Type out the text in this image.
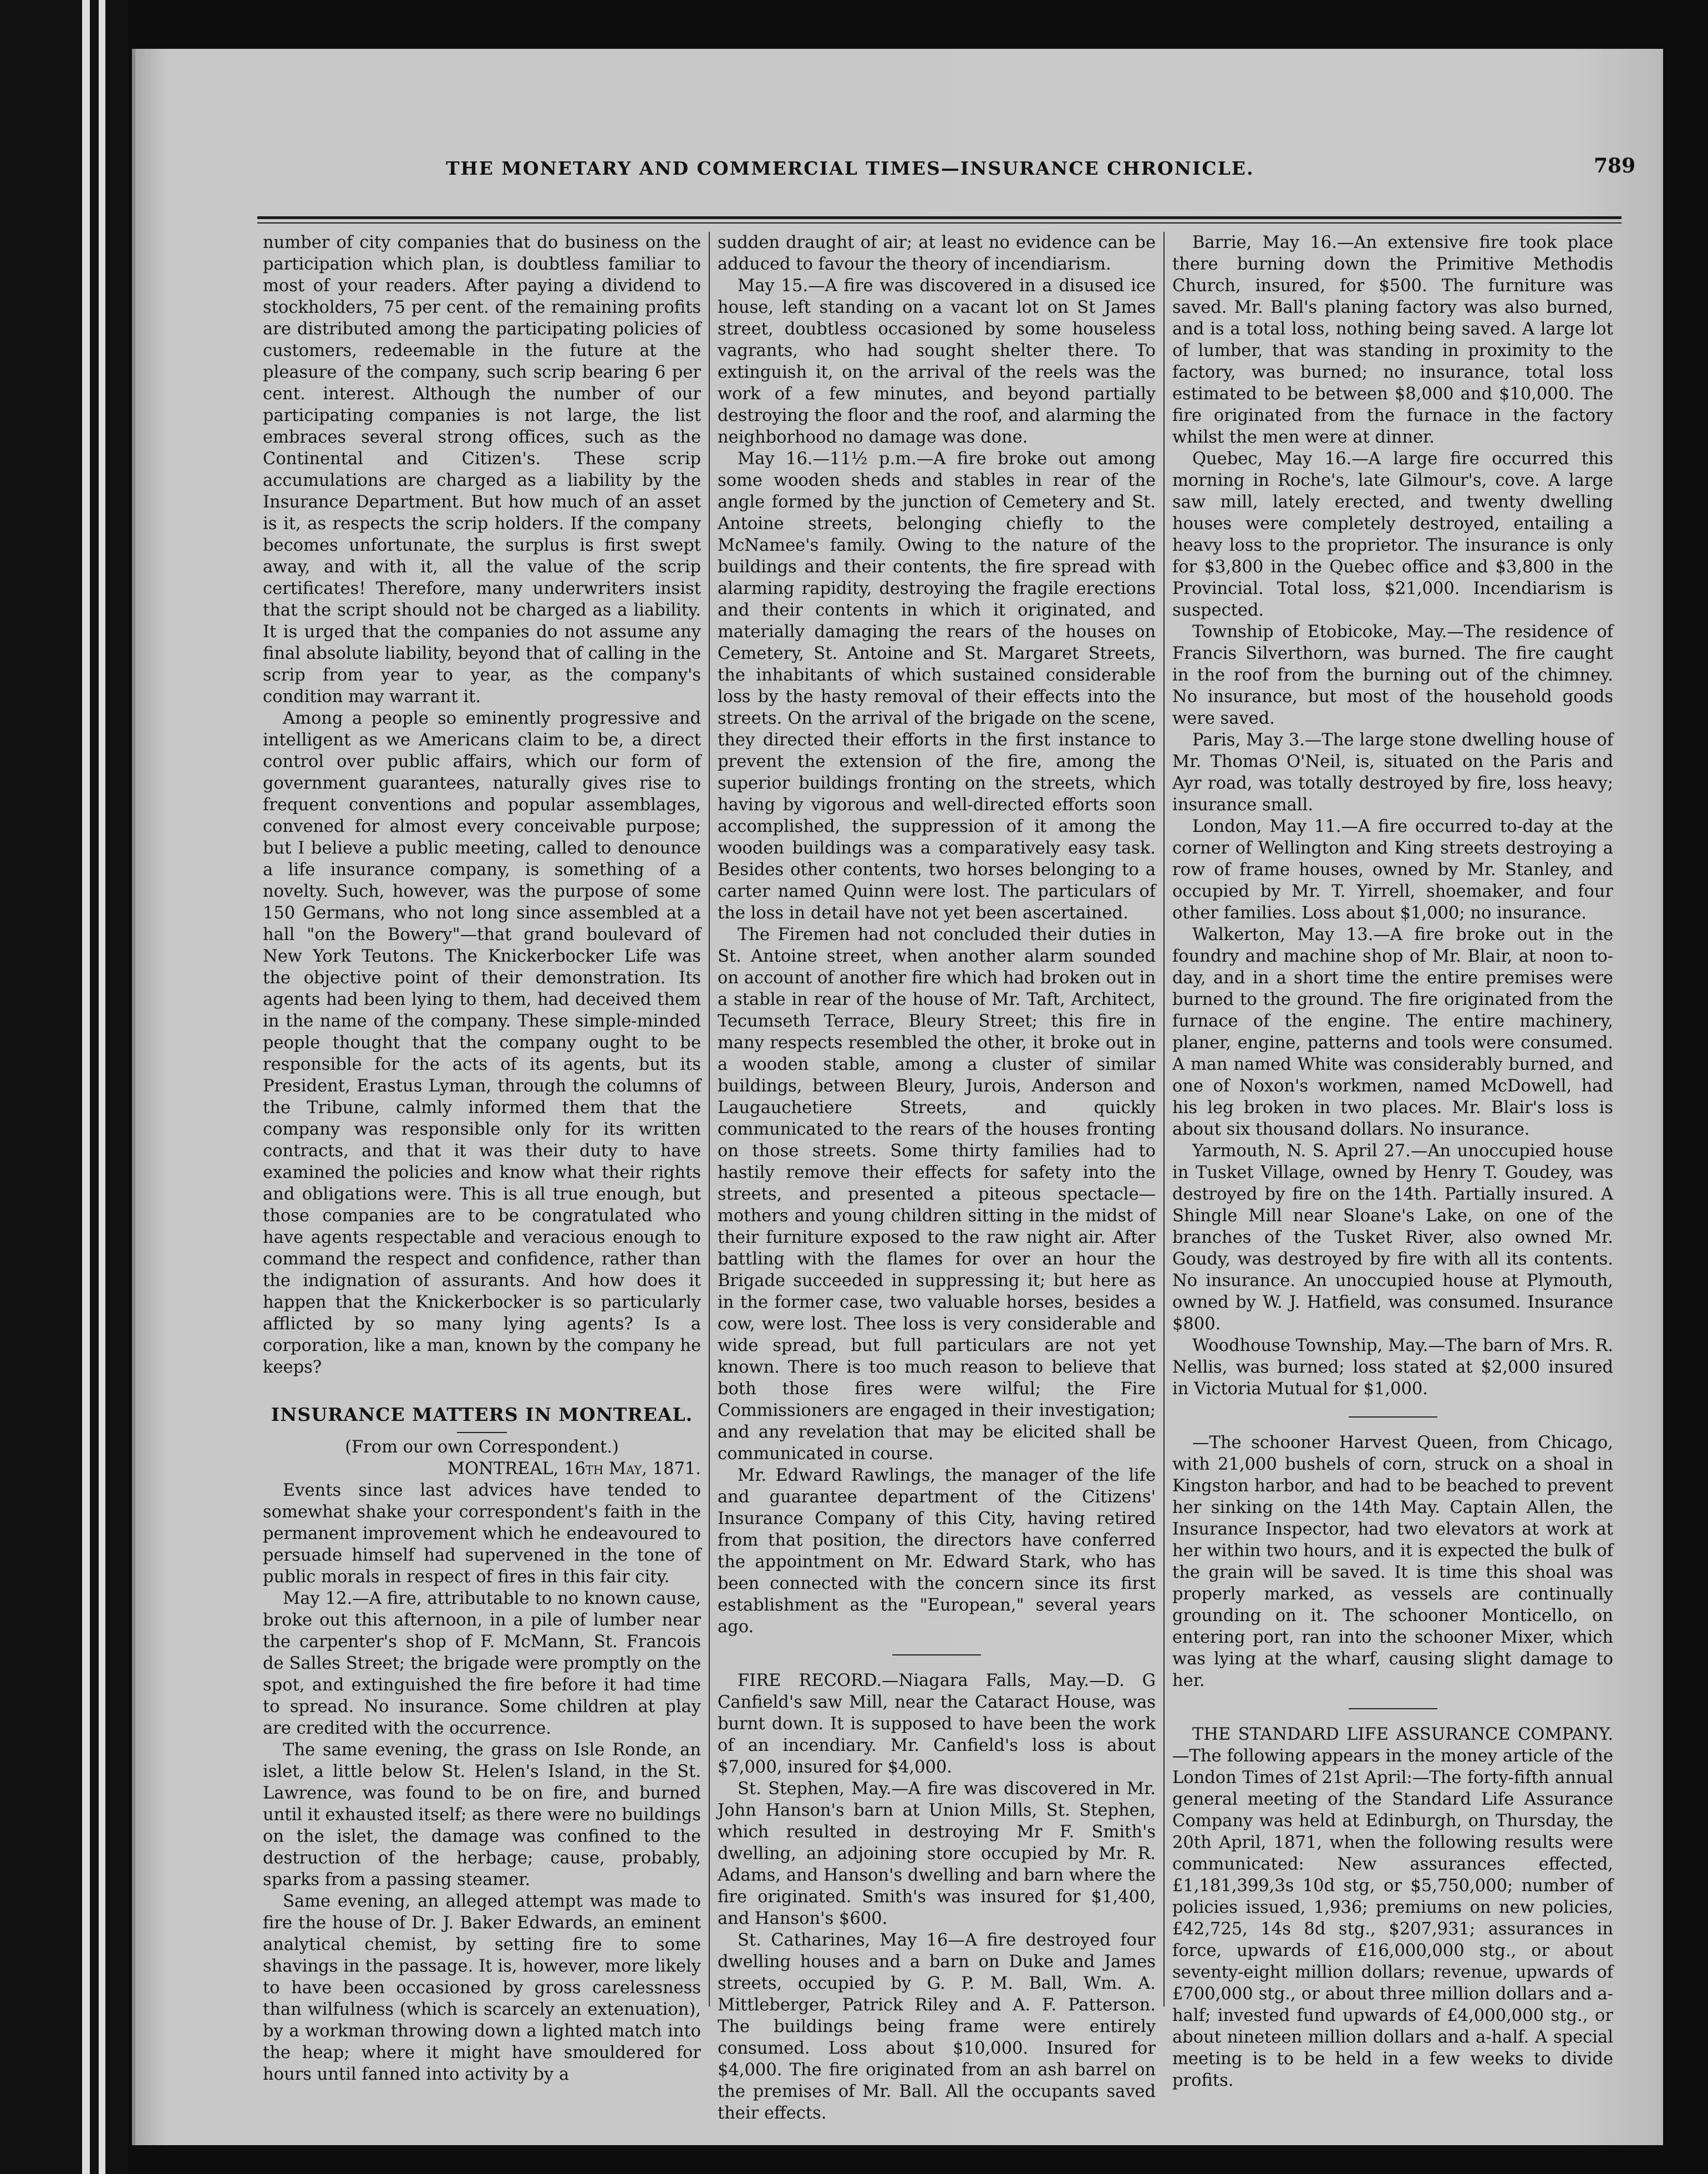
THE MONETARY AND COMMERCIAL TIMES—INSURANCE CHRONICLE.	789

number of city companies that do business on the participation which plan, is doubtless familiar to most of your readers. After paying a dividend to stockholders, 75 per cent. of the remaining profits are distributed among the participating policies of customers, redeemable in the future at the pleasure of the company, such scrip bearing 6 per cent. interest. Although the number of our participating companies is not large, the list embraces several strong offices, such as the Continental and Citizen's. These scrip accumulations are charged as a liability by the Insurance Department. But how much of an asset is it, as respects the scrip holders. If the company becomes unfortunate, the surplus is first swept away, and with it, all the value of the scrip certificates! Therefore, many underwriters insist that the script should not be charged as a liability. It is urged that the companies do not assume any final absolute liability, beyond that of calling in the scrip from year to year, as the company's condition may warrant it.

Among a people so eminently progressive and intelligent as we Americans claim to be, a direct control over public affairs, which our form of government guarantees, naturally gives rise to frequent conventions and popular assemblages, convened for almost every conceivable purpose; but I believe a public meeting, called to denounce a life insurance company, is something of a novelty. Such, however, was the purpose of some 150 Germans, who not long since assembled at a hall "on the Bowery"—that grand boulevard of New York Teutons. The Knickerbocker Life was the objective point of their demonstration. Its agents had been lying to them, had deceived them in the name of the company. These simple-minded people thought that the company ought to be responsible for the acts of its agents, but its President, Erastus Lyman, through the columns of the Tribune, calmly informed them that the company was responsible only for its written contracts, and that it was their duty to have examined the policies and know what their rights and obligations were. This is all true enough, but those companies are to be congratulated who have agents respectable and veracious enough to command the respect and confidence, rather than the indignation of assurants. And how does it happen that the Knickerbocker is so particularly afflicted by so many lying agents? Is a corporation, like a man, known by the company he keeps?

INSURANCE MATTERS IN MONTREAL.

(From our own Correspondent.)

MONTREAL, 16th May, 1871.

Events since last advices have tended to somewhat shake your correspondent's faith in the permanent improvement which he endeavoured to persuade himself had supervened in the tone of public morals in respect of fires in this fair city.

May 12.—A fire, attributable to no known cause, broke out this afternoon, in a pile of lumber near the carpenter's shop of F. McMann, St. Francois de Salles Street; the brigade were promptly on the spot, and extinguished the fire before it had time to spread. No insurance. Some children at play are credited with the occurrence.

The same evening, the grass on Isle Ronde, an islet, a little below St. Helen's Island, in the St. Lawrence, was found to be on fire, and burned until it exhausted itself; as there were no buildings on the islet, the damage was confined to the destruction of the herbage; cause, probably, sparks from a passing steamer.

Same evening, an alleged attempt was made to fire the house of Dr. J. Baker Edwards, an eminent analytical chemist, by setting fire to some shavings in the passage. It is, however, more likely to have been occasioned by gross carelessness than wilfulness (which is scarcely an extenuation), by a workman throwing down a lighted match into the heap; where it might have smouldered for hours until fanned into activity by a

sudden draught of air; at least no evidence can be adduced to favour the theory of incendiarism.

May 15.—A fire was discovered in a disused ice house, left standing on a vacant lot on St James street, doubtless occasioned by some houseless vagrants, who had sought shelter there. To extinguish it, on the arrival of the reels was the work of a few minutes, and beyond partially destroying the floor and the roof, and alarming the neighborhood no damage was done.

May 16.—11½ p.m.—A fire broke out among some wooden sheds and stables in rear of the angle formed by the junction of Cemetery and St. Antoine streets, belonging chiefly to the McNamee's family. Owing to the nature of the buildings and their contents, the fire spread with alarming rapidity, destroying the fragile erections and their contents in which it originated, and materially damaging the rears of the houses on Cemetery, St. Antoine and St. Margaret Streets, the inhabitants of which sustained considerable loss by the hasty removal of their effects into the streets. On the arrival of the brigade on the scene, they directed their efforts in the first instance to prevent the extension of the fire, among the superior buildings fronting on the streets, which having by vigorous and well-directed efforts soon accomplished, the suppression of it among the wooden buildings was a comparatively easy task. Besides other contents, two horses belonging to a carter named Quinn were lost. The particulars of the loss in detail have not yet been ascertained.

The Firemen had not concluded their duties in St. Antoine street, when another alarm sounded on account of another fire which had broken out in a stable in rear of the house of Mr. Taft, Architect, Tecumseth Terrace, Bleury Street; this fire in many respects resembled the other, it broke out in a wooden stable, among a cluster of similar buildings, between Bleury, Jurois, Anderson and Laugauchetiere Streets, and quickly communicated to the rears of the houses fronting on those streets. Some thirty families had to hastily remove their effects for safety into the streets, and presented a piteous spectacle—mothers and young children sitting in the midst of their furniture exposed to the raw night air. After battling with the flames for over an hour the Brigade succeeded in suppressing it; but here as in the former case, two valuable horses, besides a cow, were lost. Thee loss is very considerable and wide spread, but full particulars are not yet known. There is too much reason to believe that both those fires were wilful; the Fire Commissioners are engaged in their investigation; and any revelation that may be elicited shall be communicated in course.

Mr. Edward Rawlings, the manager of the life and guarantee department of the Citizens' Insurance Company of this City, having retired from that position, the directors have conferred the appointment on Mr. Edward Stark, who has been connected with the concern since its first establishment as the "European," several years ago.

FIRE RECORD.—Niagara Falls, May.—D. G Canfield's saw Mill, near the Cataract House, was burnt down. It is supposed to have been the work of an incendiary. Mr. Canfield's loss is about $7,000, insured for $4,000.

St. Stephen, May.—A fire was discovered in Mr. John Hanson's barn at Union Mills, St. Stephen, which resulted in destroying Mr F. Smith's dwelling, an adjoining store occupied by Mr. R. Adams, and Hanson's dwelling and barn where the fire originated. Smith's was insured for $1,400, and Hanson's $600.

St. Catharines, May 16—A fire destroyed four dwelling houses and a barn on Duke and James streets, occupied by G. P. M. Ball, Wm. A. Mittleberger, Patrick Riley and A. F. Patterson. The buildings being frame were entirely consumed. Loss about $10,000. Insured for $4,000. The fire originated from an ash barrel on the premises of Mr. Ball. All the occupants saved their effects.

Barrie, May 16.—An extensive fire took place there burning down the Primitive Methodis Church, insured, for $500. The furniture was saved. Mr. Ball's planing factory was also burned, and is a total loss, nothing being saved. A large lot of lumber, that was standing in proximity to the factory, was burned; no insurance, total loss estimated to be between $8,000 and $10,000. The fire originated from the furnace in the factory whilst the men were at dinner.

Quebec, May 16.—A large fire occurred this morning in Roche's, late Gilmour's, cove. A large saw mill, lately erected, and twenty dwelling houses were completely destroyed, entailing a heavy loss to the proprietor. The insurance is only for $3,800 in the Quebec office and $3,800 in the Provincial. Total loss, $21,000. Incendiarism is suspected.

Township of Etobicoke, May.—The residence of Francis Silverthorn, was burned. The fire caught in the roof from the burning out of the chimney. No insurance, but most of the household goods were saved.

Paris, May 3.—The large stone dwelling house of Mr. Thomas O'Neil, is, situated on the Paris and Ayr road, was totally destroyed by fire, loss heavy; insurance small.

London, May 11.—A fire occurred to-day at the corner of Wellington and King streets destroying a row of frame houses, owned by Mr. Stanley, and occupied by Mr. T. Yirrell, shoemaker, and four other families. Loss about $1,000; no insurance.

Walkerton, May 13.—A fire broke out in the foundry and machine shop of Mr. Blair, at noon to-day, and in a short time the entire premises were burned to the ground. The fire originated from the furnace of the engine. The entire machinery, planer, engine, patterns and tools were consumed. A man named White was considerably burned, and one of Noxon's workmen, named McDowell, had his leg broken in two places. Mr. Blair's loss is about six thousand dollars. No insurance.

Yarmouth, N. S. April 27.—An unoccupied house in Tusket Village, owned by Henry T. Goudey, was destroyed by fire on the 14th. Partially insured. A Shingle Mill near Sloane's Lake, on one of the branches of the Tusket River, also owned Mr. Goudy, was destroyed by fire with all its contents. No insurance. An unoccupied house at Plymouth, owned by W. J. Hatfield, was consumed. Insurance $800.

Woodhouse Township, May.—The barn of Mrs. R. Nellis, was burned; loss stated at $2,000 insured in Victoria Mutual for $1,000.

—The schooner Harvest Queen, from Chicago, with 21,000 bushels of corn, struck on a shoal in Kingston harbor, and had to be beached to prevent her sinking on the 14th May. Captain Allen, the Insurance Inspector, had two elevators at work at her within two hours, and it is expected the bulk of the grain will be saved. It is time this shoal was properly marked, as vessels are continually grounding on it. The schooner Monticello, on entering port, ran into the schooner Mixer, which was lying at the wharf, causing slight damage to her.

THE STANDARD LIFE ASSURANCE COMPANY.—The following appears in the money article of the London Times of 21st April:—The forty-fifth annual general meeting of the Standard Life Assurance Company was held at Edinburgh, on Thursday, the 20th April, 1871, when the following results were communicated: New assurances effected, £1,181,399,3s 10d stg, or $5,750,000; number of policies issued, 1,936; premiums on new policies, £42,725, 14s 8d stg., $207,931; assurances in force, upwards of £16,000,000 stg., or about seventy-eight million dollars; revenue, upwards of £700,000 stg., or about three million dollars and a-half; invested fund upwards of £4,000,000 stg., or about nineteen million dollars and a-half. A special meeting is to be held in a few weeks to divide profits.
